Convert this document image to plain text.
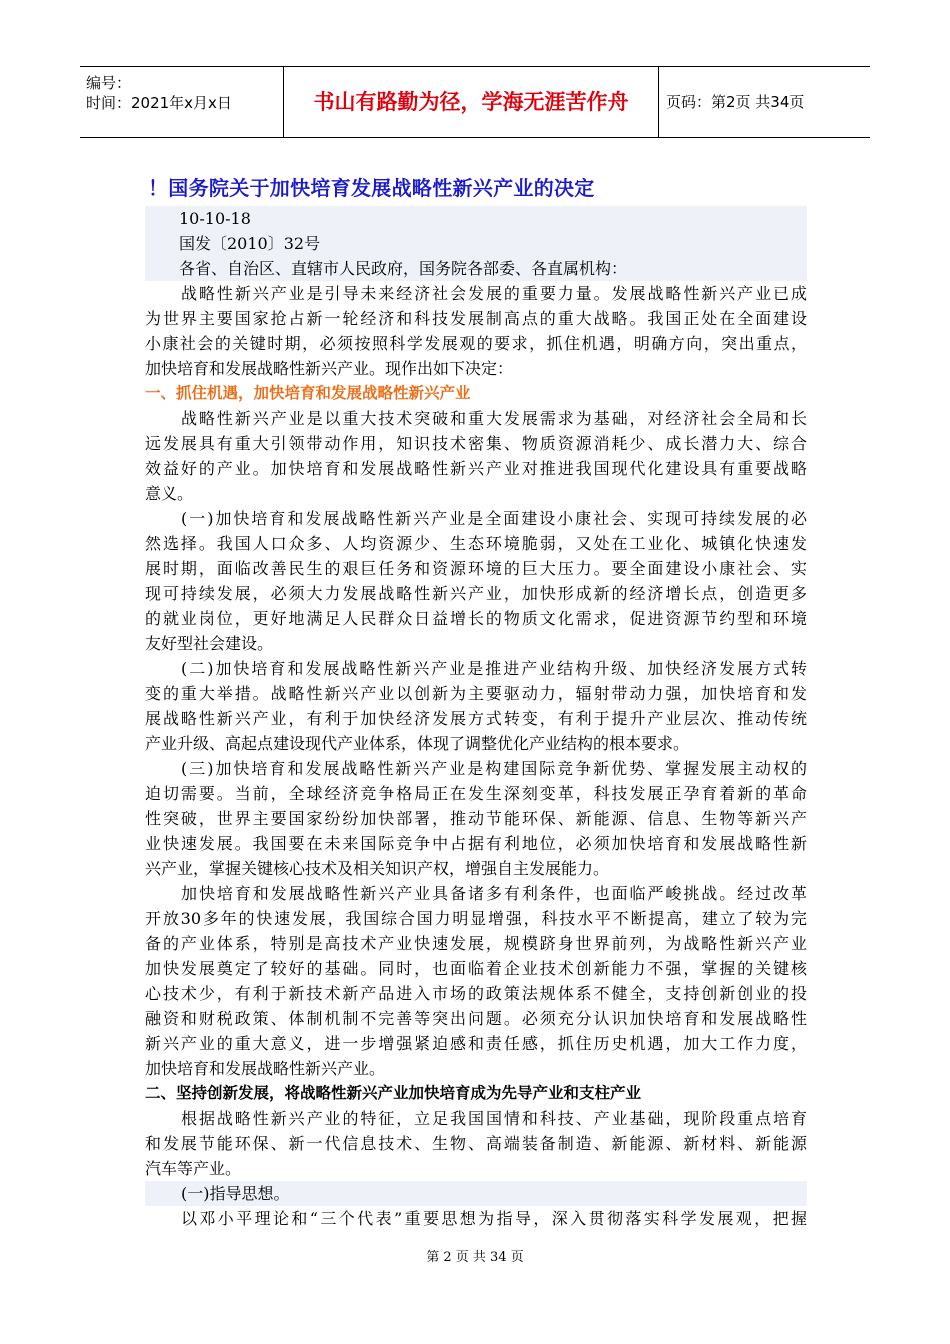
编号：
时间：2021年x月x日	书山有路勤为径，学海无涯苦作舟	页码：第2页 共34页
！国务院关于加快培育发展战略性新兴产业的决定
10-10-18
国发〔2010〕32号
各省、自治区、直辖市人民政府，国务院各部委、各直属机构：
战略性新兴产业是引导未来经济社会发展的重要力量。发展战略性新兴产业已成
为世界主要国家抢占新一轮经济和科技发展制高点的重大战略。我国正处在全面建设
小康社会的关键时期，必须按照科学发展观的要求，抓住机遇，明确方向，突出重点，
加快培育和发展战略性新兴产业。现作出如下决定：
一、抓住机遇，加快培育和发展战略性新兴产业
战略性新兴产业是以重大技术突破和重大发展需求为基础，对经济社会全局和长
远发展具有重大引领带动作用，知识技术密集、物质资源消耗少、成长潜力大、综合
效益好的产业。加快培育和发展战略性新兴产业对推进我国现代化建设具有重要战略
意义。
(一)加快培育和发展战略性新兴产业是全面建设小康社会、实现可持续发展的必
然选择。我国人口众多、人均资源少、生态环境脆弱，又处在工业化、城镇化快速发
展时期，面临改善民生的艰巨任务和资源环境的巨大压力。要全面建设小康社会、实
现可持续发展，必须大力发展战略性新兴产业，加快形成新的经济增长点，创造更多
的就业岗位，更好地满足人民群众日益增长的物质文化需求，促进资源节约型和环境
友好型社会建设。
(二)加快培育和发展战略性新兴产业是推进产业结构升级、加快经济发展方式转
变的重大举措。战略性新兴产业以创新为主要驱动力，辐射带动力强，加快培育和发
展战略性新兴产业，有利于加快经济发展方式转变，有利于提升产业层次、推动传统
产业升级、高起点建设现代产业体系，体现了调整优化产业结构的根本要求。
(三)加快培育和发展战略性新兴产业是构建国际竞争新优势、掌握发展主动权的
迫切需要。当前，全球经济竞争格局正在发生深刻变革，科技发展正孕育着新的革命
性突破，世界主要国家纷纷加快部署，推动节能环保、新能源、信息、生物等新兴产
业快速发展。我国要在未来国际竞争中占据有利地位，必须加快培育和发展战略性新
兴产业，掌握关键核心技术及相关知识产权，增强自主发展能力。
加快培育和发展战略性新兴产业具备诸多有利条件，也面临严峻挑战。经过改革
开放30多年的快速发展，我国综合国力明显增强，科技水平不断提高，建立了较为完
备的产业体系，特别是高技术产业快速发展，规模跻身世界前列，为战略性新兴产业
加快发展奠定了较好的基础。同时，也面临着企业技术创新能力不强，掌握的关键核
心技术少，有利于新技术新产品进入市场的政策法规体系不健全，支持创新创业的投
融资和财税政策、体制机制不完善等突出问题。必须充分认识加快培育和发展战略性
新兴产业的重大意义，进一步增强紧迫感和责任感，抓住历史机遇，加大工作力度，
加快培育和发展战略性新兴产业。
二、坚持创新发展，将战略性新兴产业加快培育成为先导产业和支柱产业
根据战略性新兴产业的特征，立足我国国情和科技、产业基础，现阶段重点培育
和发展节能环保、新一代信息技术、生物、高端装备制造、新能源、新材料、新能源
汽车等产业。
(一)指导思想。
以邓小平理论和“三个代表”重要思想为指导，深入贯彻落实科学发展观，把握
第 2 页 共 34 页
